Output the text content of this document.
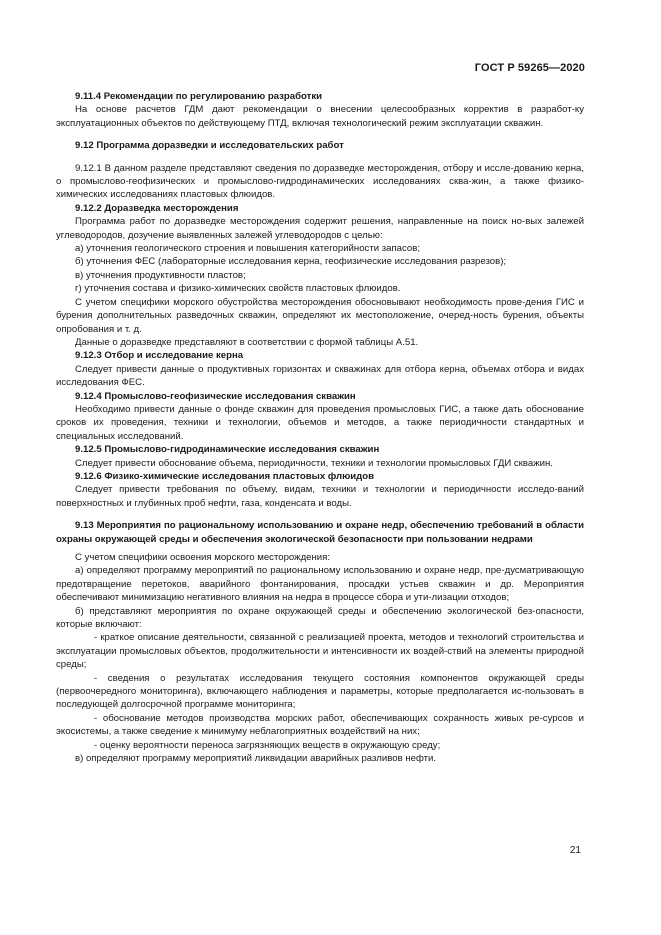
ГОСТ Р 59265—2020

9.11.4 Рекомендации по регулированию разработки

На основе расчетов ГДМ дают рекомендации о внесении целесообразных корректив в разработ-ку эксплуатационных объектов по действующему ПТД, включая технологический режим эксплуатации скважин.

9.12 Программа доразведки и исследовательских работ

9.12.1 В данном разделе представляют сведения по доразведке месторождения, отбору и иссле-дованию керна, о промыслово-геофизических и промыслово-гидродинамических исследованиях сква-жин, а также физико-химических исследованиях пластовых флюидов.

9.12.2 Доразведка месторождения

Программа работ по доразведке месторождения содержит решения, направленные на поиск но-вых залежей углеводородов, дозучение выявленных залежей углеводородов с целью:

а) уточнения геологического строения и повышения категорийности запасов;

б) уточнения ФЕС (лабораторные исследования керна, геофизические исследования разрезов);

в) уточнения продуктивности пластов;

г) уточнения состава и физико-химических свойств пластовых флюидов.

С учетом специфики морского обустройства месторождения обосновывают необходимость прове-дения ГИС и бурения дополнительных разведочных скважин, определяют их местоположение, очеред-ность бурения, объекты опробования и т. д.

Данные о доразведке представляют в соответствии с формой таблицы А.51.

9.12.3 Отбор и исследование керна

Следует привести данные о продуктивных горизонтах и скважинах для отбора керна, объемах отбора и видах исследования ФЕС.

9.12.4 Промыслово-геофизические исследования скважин

Необходимо привести данные о фонде скважин для проведения промысловых ГИС, а также дать обоснование сроков их проведения, техники и технологии, объемов и методов, а также периодичности стандартных и специальных исследований.

9.12.5 Промыслово-гидродинамические исследования скважин

Следует привести обоснование объема, периодичности, техники и технологии промысловых ГДИ скважин.

9.12.6 Физико-химические исследования пластовых флюидов

Следует привести требования по объему, видам, техники и технологии и периодичности исследо-ваний поверхностных и глубинных проб нефти, газа, конденсата и воды.

9.13 Мероприятия по рациональному использованию и охране недр, обеспечению требований в области охраны окружающей среды и обеспечения экологической безопасности при пользовании недрами

С учетом специфики освоения морского месторождения:

а) определяют программу мероприятий по рациональному использованию и охране недр, пре-дусматривающую предотвращение перетоков, аварийного фонтанирования, просадки устьев скважин и др. Мероприятия обеспечивают минимизацию негативного влияния на недра в процессе сбора и ути-лизации отходов;

б) представляют мероприятия по охране окружающей среды и обеспечению экологической без-опасности, которые включают:

- краткое описание деятельности, связанной с реализацией проекта, методов и технологий строительства и эксплуатации промысловых объектов, продолжительности и интенсивности их воздей-ствий на элементы природной среды;

- сведения о результатах исследования текущего состояния компонентов окружающей среды (первоочередного мониторинга), включающего наблюдения и параметры, которые предполагается ис-пользовать в последующей долгосрочной программе мониторинга;

- обоснование методов производства морских работ, обеспечивающих сохранность живых ре-сурсов и экосистемы, а также сведение к минимуму неблагоприятных воздействий на них;

- оценку вероятности переноса загрязняющих веществ в окружающую среду;

в) определяют программу мероприятий ликвидации аварийных разливов нефти.

21
